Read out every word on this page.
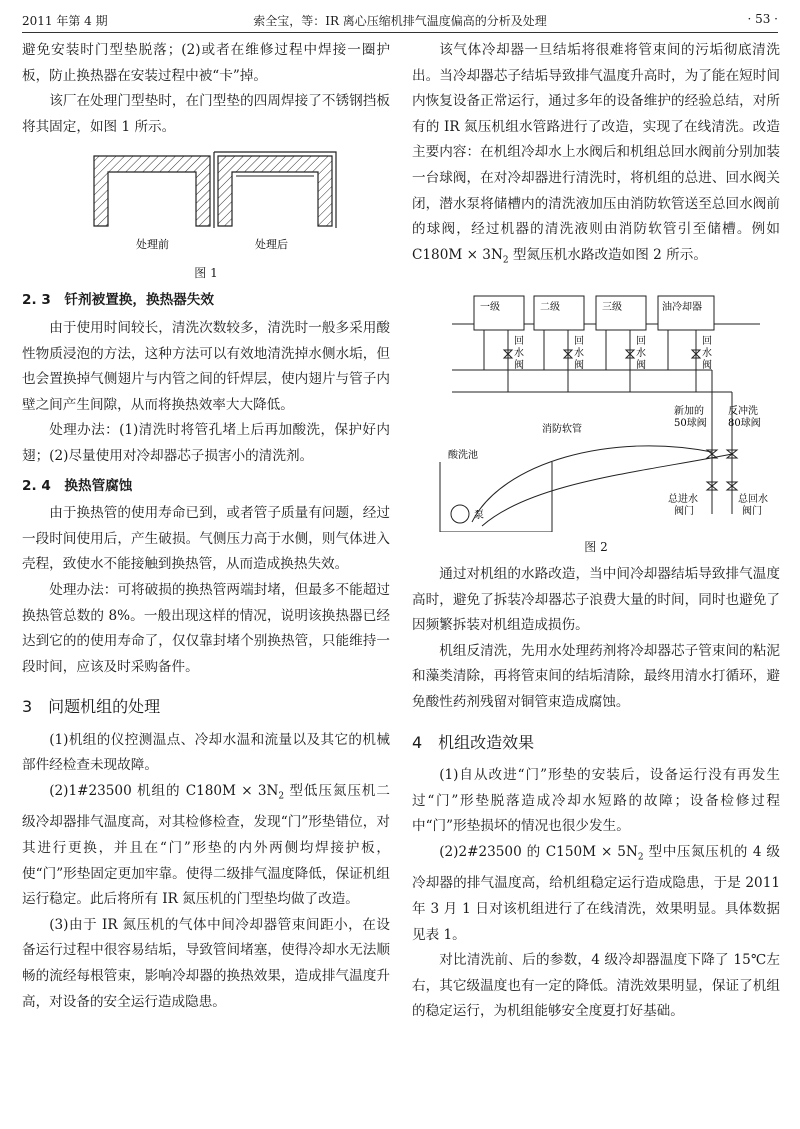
2011 年第 4 期	索全宝，等：IR 离心压缩机排气温度偏高的分析及处理	· 53 ·

避免安装时门型垫脱落；(2)或者在维修过程中焊接一圈护板，防止换热器在安装过程中被“卡”掉。

该厂在处理门型垫时，在门型垫的四周焊接了不锈钢挡板将其固定，如图 1 所示。

处理前	处理后
图 1
2. 3　钎剂被置换，换热器失效

由于使用时间较长，清洗次数较多，清洗时一般多采用酸性物质浸泡的方法，这种方法可以有效地清洗掉水侧水垢，但也会置换掉气侧翅片与内管之间的钎焊层，使内翅片与管子内壁之间产生间隙，从而将换热效率大大降低。

处理办法：(1)清洗时将管孔堵上后再加酸洗，保护好内翅；(2)尽量使用对冷却器芯子损害小的清洗剂。

2. 4　换热管腐蚀

由于换热管的使用寿命已到，或者管子质量有问题，经过一段时间使用后，产生破损。气侧压力高于水侧，则气体进入壳程，致使水不能接触到换热管，从而造成换热失效。

处理办法：可将破损的换热管两端封堵，但最多不能超过换热管总数的 8%。一般出现这样的情况，说明该换热器已经达到它的的使用寿命了，仅仅靠封堵个别换热管，只能维持一段时间，应该及时采购备件。

3　问题机组的处理

(1)机组的仪控测温点、冷却水温和流量以及其它的机械部件经检查未现故障。

(2)1#23500 机组的 $C180M \times 3N_2$ 型低压氮压机二级冷却器排气温度高，对其检修检查，发现“门”形垫错位，对其进行更换，并且在“门”形垫的内外两侧均焊接护板，使“门”形垫固定更加牢靠。使得二级排气温度降低，保证机组运行稳定。此后将所有 IR 氮压机的门型垫均做了改造。

(3)由于 IR 氮压机的气体中间冷却器管束间距小，在设备运行过程中很容易结垢，导致管间堵塞，使得冷却水无法顺畅的流经每根管束，影响冷却器的换热效果，造成排气温度升高，对设备的安全运行造成隐患。

该气体冷却器一旦结垢将很难将管束间的污垢彻底清洗出。当冷却器芯子结垢导致排气温度升高时，为了能在短时间内恢复设备正常运行，通过多年的设备维护的经验总结，对所有的 IR 氮压机组水管路进行了改造，实现了在线清洗。改造主要内容：在机组冷却水上水阀后和机组总回水阀前分别加装一台球阀，在对冷却器进行清洗时，将机组的总进、回水阀关闭，潜水泵将储槽内的清洗液加压由消防软管送至总回水阀前的球阀，经过机器的清洗液则由消防软管引至储槽。例如 $C180M \times 3N_2$ 型氮压机水路改造如图 2 所示。

一级	二级	三级	油冷却器
回水阀
回水阀
回水阀
回水阀
新加的 50球阀
反冲洗 80球阀
消防软管
酸洗池
泵
总进水阀门
总回水阀门
图 2

通过对机组的水路改造，当中间冷却器结垢导致排气温度高时，避免了拆装冷却器芯子浪费大量的时间，同时也避免了因频繁拆装对机组造成损伤。

机组反清洗，先用水处理药剂将冷却器芯子管束间的粘泥和藻类清除，再将管束间的结垢清除，最终用清水打循环，避免酸性药剂残留对铜管束造成腐蚀。

4　机组改造效果

(1)自从改进“门”形垫的安装后，设备运行没有再发生过“门”形垫脱落造成冷却水短路的故障；设备检修过程中“门”形垫损坏的情况也很少发生。

(2)2#23500 的 $C150M \times 5N_2$ 型中压氮压机的 4 级冷却器的排气温度高，给机组稳定运行造成隐患，于是 2011 年 3 月 1 日对该机组进行了在线清洗，效果明显。具体数据见表 1。

对比清洗前、后的参数，4 级冷却器温度下降了 15℃左右，其它级温度也有一定的降低。清洗效果明显，保证了机组的稳定运行，为机组能够安全度夏打好基础。
